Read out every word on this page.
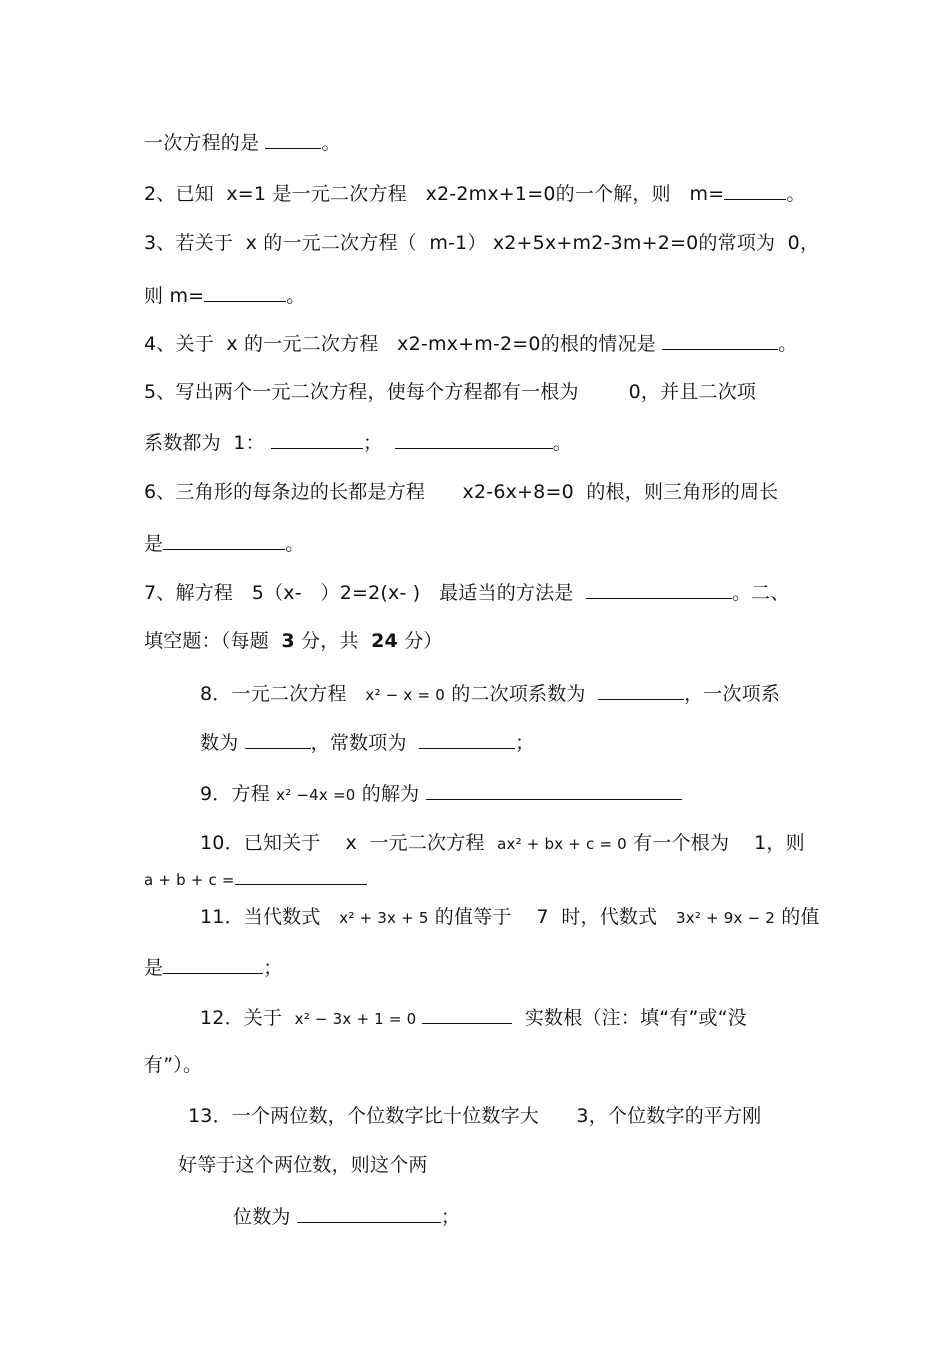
一次方程的是	。
2、已知  x=1 是一元二次方程   x2-2mx+1=0的一个解，则   m=	。
3、若关于  x 的一元二次方程（  m-1） x2+5x+m2-3m+2=0的常项为  0，
则 m=	。
4、关于  x 的一元二次方程   x2-mx+m-2=0的根的情况是	。
5、写出两个一元二次方程，使每个方程都有一根为        0，并且二次项
系数都为  1：	；	。
6、三角形的每条边的长都是方程      x2-6x+8=0  的根，则三角形的周长
是	。
7、解方程   5（x-   ）2=2(x- )   最适当的方法是	。二、
填空题：（每题  3 分，共  24 分）
8．一元二次方程   x² − x = 0 的二次项系数为	，一次项系
数为	，常数项为	；
9．方程 x² −4x =0 的解为
10．已知关于    x  一元二次方程  ax² + bx + c = 0 有一个根为    1，则
a + b + c =
11．当代数式   x² + 3x + 5 的值等于    7  时，代数式   3x² + 9x − 2 的值
是	；
12．关于  x² − 3x + 1 = 0	实数根（注：填“有”或“没
有”）。
13．一个两位数，个位数字比十位数字大      3，个位数字的平方刚
好等于这个两位数，则这个两
位数为	；
